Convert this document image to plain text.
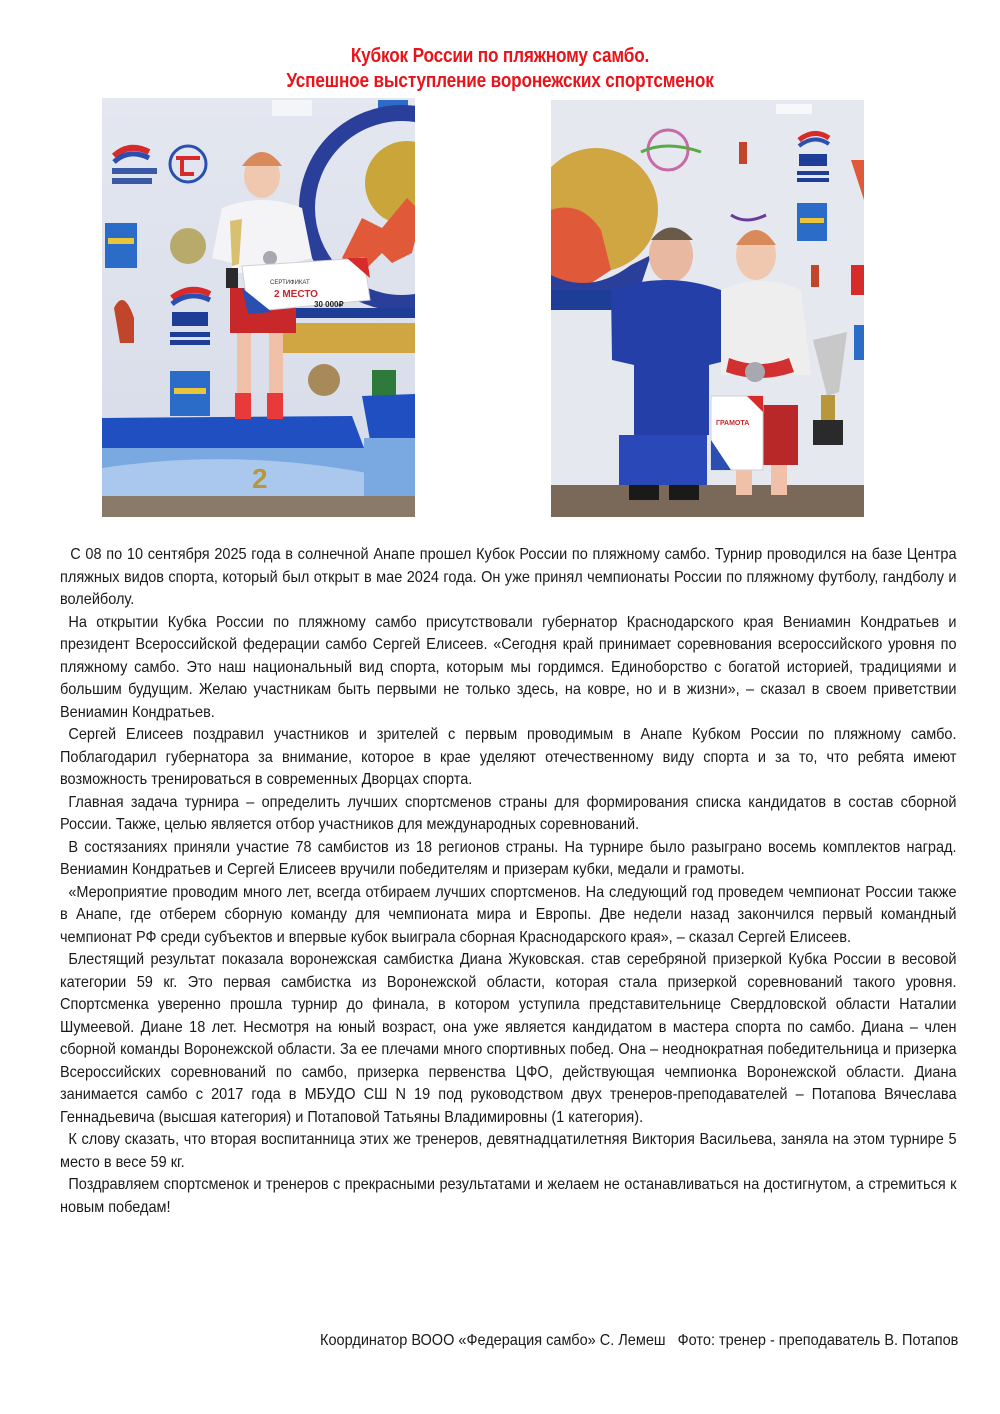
Кубкок России по пляжному самбо.
Успешное выступление воронежских спортсменок
2
СЕРТИФИКАТ
2 МЕСТО
30 000₽
ГРАМОТА

С 08 по 10 сентября 2025 года в солнечной Анапе прошел Кубок России по пляжному самбо. Турнир проводился на базе Центра пляжных видов спорта, который был открыт в мае 2024 года. Он уже принял чемпионаты России по пляжному футболу, гандболу и волейболу.

На открытии Кубка России по пляжному самбо присутствовали губернатор Краснодарского края Вениамин Кондратьев и президент Всероссийской федерации самбо Сергей Елисеев. «Сегодня край принимает соревнования всероссийского уровня по пляжному самбо. Это наш национальный вид спорта, которым мы гордимся. Единоборство с богатой историей, традициями и большим будущим. Желаю участникам быть первыми не только здесь, на ковре, но и в жизни», – сказал в своем приветствии Вениамин Кондратьев.

Сергей Елисеев поздравил участников и зрителей с первым проводимым в Анапе Кубком России по пляжному самбо. Поблагодарил губернатора за внимание, которое в крае уделяют отечественному виду спорта и за то, что ребята имеют возможность тренироваться в современных Дворцах спорта.

Главная задача турнира – определить лучших спортсменов страны для формирования списка кандидатов в состав сборной России. Также, целью является отбор участников для международных соревнований.

В состязаниях приняли участие 78 самбистов из 18 регионов страны. На турнире было разыграно восемь комплектов наград. Вениамин Кондратьев и Сергей Елисеев вручили победителям и призерам кубки, медали и грамоты.

«Мероприятие проводим много лет, всегда отбираем лучших спортсменов. На следующий год проведем чемпионат России также в Анапе, где отберем сборную команду для чемпионата мира и Европы. Две недели назад закончился первый командный чемпионат РФ среди субъектов и впервые кубок выиграла сборная Краснодарского края», – сказал Сергей Елисеев.

Блестящий результат показала воронежская самбистка Диана Жуковская. став серебряной призеркой Кубка России в весовой категории 59 кг. Это первая самбистка из Воронежской области, которая стала призеркой соревнований такого уровня. Спортсменка уверенно прошла турнир до финала, в котором уступила представительнице Свердловской области Наталии Шумеевой. Диане 18 лет. Несмотря на юный возраст, она уже является кандидатом в мастера спорта по самбо. Диана – член сборной команды Воронежской области. За ее плечами много спортивных побед. Она – неоднократная победительница и призерка Всероссийских соревнований по самбо, призерка первенства ЦФО, действующая чемпионка Воронежской области. Диана занимается самбо с 2017 года в МБУДО СШ N 19 под руководством двух тренеров-преподавателей – Потапова Вячеслава Геннадьевича (высшая категория) и Потаповой Татьяны Владимировны (1 категория).

К слову сказать, что вторая воспитанница этих же тренеров, девятнадцатилетняя Виктория Васильева, заняла на этом турнире 5 место в весе 59 кг.

Поздравляем спортсменок и тренеров с прекрасными результатами и желаем не останавливаться на достигнутом, а стремиться к новым победам!

Координатор ВООО «Федерация самбо» С. Лемеш Фото: тренер - преподаватель В. Потапов
